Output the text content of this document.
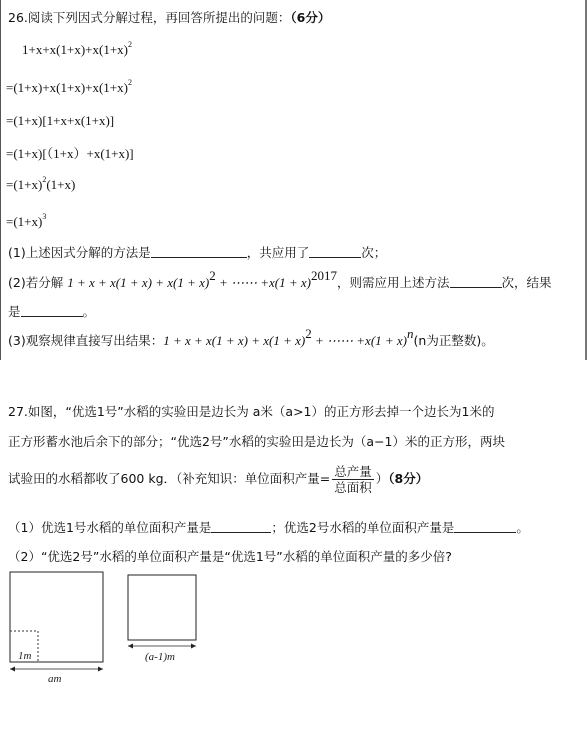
26.阅读下列因式分解过程，再回答所提出的问题：（6分）
$1+x+x(1+x)+x(1+x)^2$
$=(1+x)+x(1+x)+x(1+x)^2$
=(1+x)[1+x+x(1+x)]
=(1+x)[（1+x）+x(1+x)]
$=(1+x)^2(1+x)$
$=(1+x)^3$
(1)上述因式分解的方法是	，共应用了	次；
(2)若分解 $1 + x + x(1 + x) + x(1 + x)^2$ + ⋯⋯ $+x(1 + x)^{2017}$，则需应用上述方法	次，结果
是	。
(3)观察规律直接写出结果：$1 + x + x(1 + x) + x(1 + x)^2$ + ⋯⋯ $+x(1 + x)^n(n$为正整数)。
27.如图，“优选1号”水稻的实验田是边长为 a米（a>1）的正方形去掉一个边长为1米的
正方形蓄水池后余下的部分；“优选2号”水稻的实验田是边长为（a−1）米的正方形，两块
试验田的水稻都收了600 kg．（补充知识：单位面积产量= $\frac{\text{总产量}}{\text{总面积}} )(8$分）
（1）优选1号水稻的单位面积产量是	；优选2号水稻的单位面积产量是	。
（2）“优选2号”水稻的单位面积产量是“优选1号”水稻的单位面积产量的多少倍?
1m
am
(a-1)m
